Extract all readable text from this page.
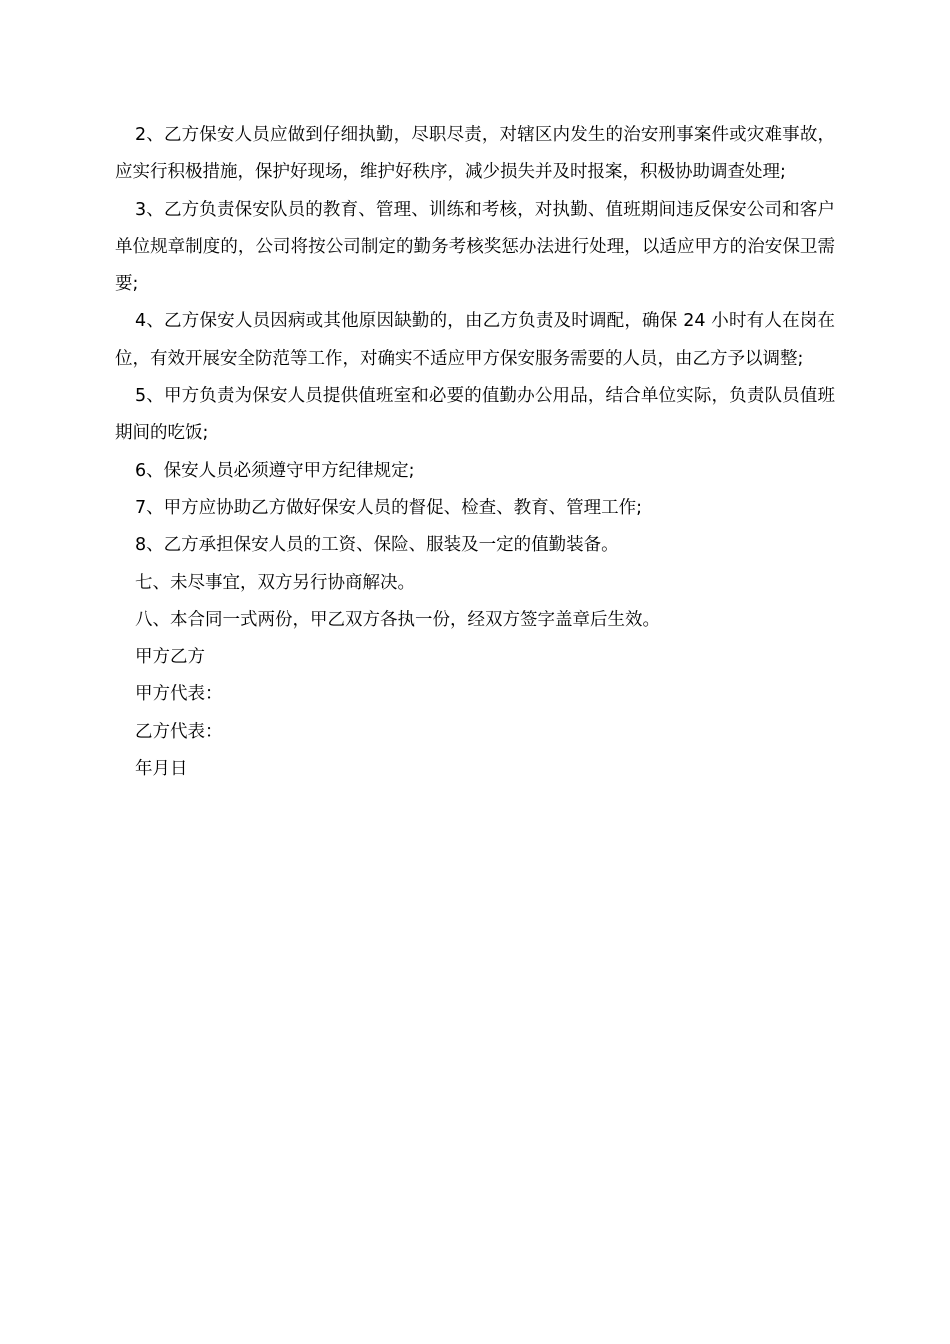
2、乙方保安人员应做到仔细执勤，尽职尽责，对辖区内发生的治安刑事案件或灾难事故，应实行积极措施，保护好现场，维护好秩序，减少损失并及时报案，积极协助调查处理;

3、乙方负责保安队员的教育、管理、训练和考核，对执勤、值班期间违反保安公司和客户单位规章制度的，公司将按公司制定的勤务考核奖惩办法进行处理，以适应甲方的治安保卫需要;

4、乙方保安人员因病或其他原因缺勤的，由乙方负责及时调配，确保 24 小时有人在岗在位，有效开展安全防范等工作，对确实不适应甲方保安服务需要的人员，由乙方予以调整;

5、甲方负责为保安人员提供值班室和必要的值勤办公用品，结合单位实际，负责队员值班期间的吃饭;

6、保安人员必须遵守甲方纪律规定;

7、甲方应协助乙方做好保安人员的督促、检查、教育、管理工作;

8、乙方承担保安人员的工资、保险、服装及一定的值勤装备。

七、未尽事宜，双方另行协商解决。

八、本合同一式两份，甲乙双方各执一份，经双方签字盖章后生效。

甲方乙方

甲方代表：

乙方代表：

年月日
